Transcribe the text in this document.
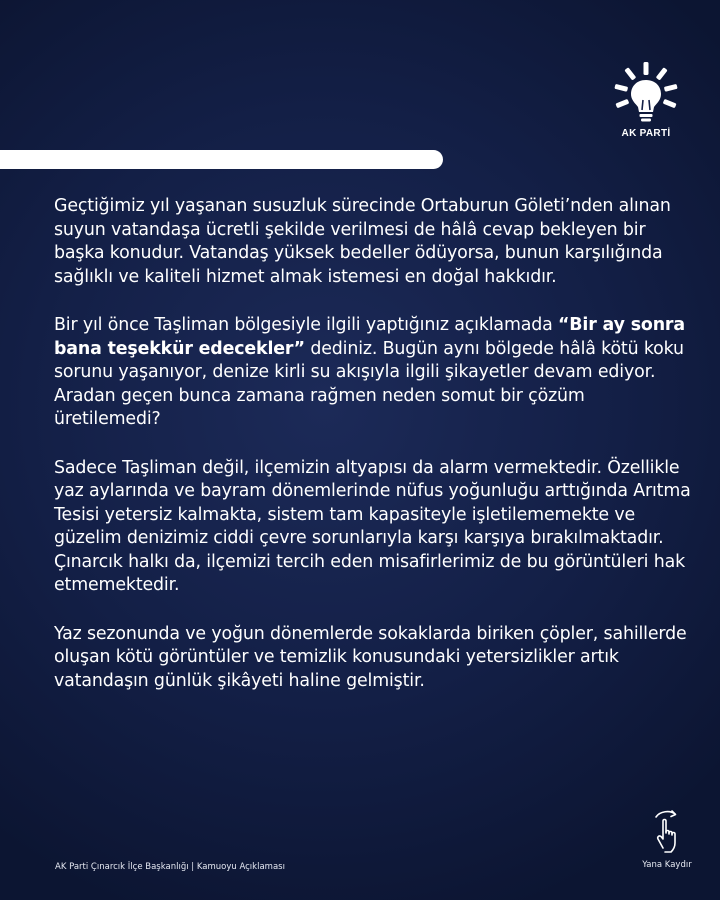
AK PARTİ

Geçtiğimiz yıl yaşanan susuzluk sürecinde Ortaburun Göleti’nden alınan suyun vatandaşa ücretli şekilde verilmesi de hâlâ cevap bekleyen bir başka konudur. Vatandaş yüksek bedeller ödüyorsa, bunun karşılığında sağlıklı ve kaliteli hizmet almak istemesi en doğal hakkıdır.

Bir yıl önce Taşliman bölgesiyle ilgili yaptığınız açıklamada “Bir ay sonra bana teşekkür edecekler” dediniz. Bugün aynı bölgede hâlâ kötü koku sorunu yaşanıyor, denize kirli su akışıyla ilgili şikayetler devam ediyor. Aradan geçen bunca zamana rağmen neden somut bir çözüm üretilemedi?

Sadece Taşliman değil, ilçemizin altyapısı da alarm vermektedir. Özellikle yaz aylarında ve bayram dönemlerinde nüfus yoğunluğu arttığında Arıtma Tesisi yetersiz kalmakta, sistem tam kapasiteyle işletilememekte ve güzelim denizimiz ciddi çevre sorunlarıyla karşı karşıya bırakılmaktadır. Çınarcık halkı da, ilçemizi tercih eden misafirlerimiz de bu görüntüleri hak etmemektedir.

Yaz sezonunda ve yoğun dönemlerde sokaklarda biriken çöpler, sahillerde oluşan kötü görüntüler ve temizlik konusundaki yetersizlikler artık vatandaşın günlük şikâyeti haline gelmiştir.

AK Parti Çınarcık İlçe Başkanlığı | Kamuoyu Açıklaması	Yana Kaydır
